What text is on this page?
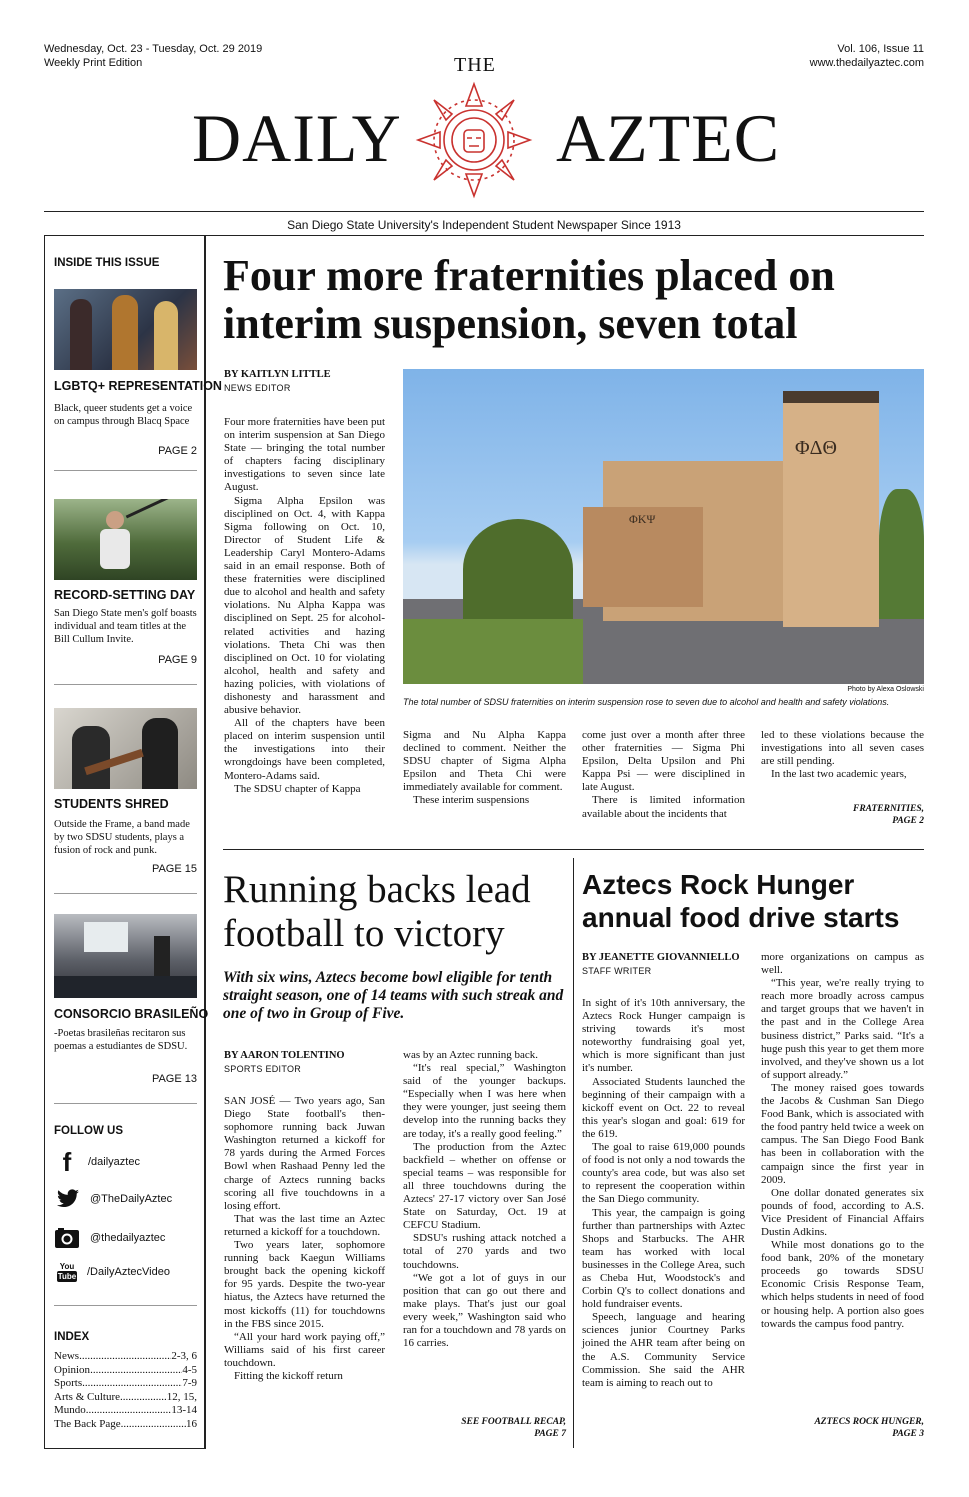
Wednesday, Oct. 23 - Tuesday, Oct. 29 2019
Weekly Print Edition
Vol. 106, Issue 11
www.thedailyaztec.com
THE
DAILY AZTEC
San Diego State University's Independent Student Newspaper Since 1913
INSIDE THIS ISSUE
LGBTQ+ REPRESENTATION
Black, queer students get a voice on campus through Blacq Space
PAGE 2
RECORD-SETTING DAY
San Diego State men's golf boasts individual and team titles at the Bill Cullum Invite.
PAGE 9
STUDENTS SHRED
Outside the Frame, a band made by two SDSU students, plays a fusion of rock and punk.
PAGE 15
CONSORCIO BRASILEÑO
-Poetas brasileñas recitaron sus poemas a estudiantes de SDSU.
PAGE 13
FOLLOW US
f	/dailyaztec
@TheDailyAztec
@thedailyaztec
You
Tube /DailyAztecVideo
INDEX
News .....	2-3, 6
Opinion .....	4-5
Sports .....	7-9
Arts & Culture .....	12, 15,
Mundo .....	13-14
The Back Page .....	16
Four more fraternities placed on
interim suspension, seven total
BY KAITLYN LITTLE
NEWS EDITOR
ΦΔΘ
ΦΚΨ
Photo by Alexa Oslowski
The total number of SDSU fraternities on interim suspension rose to seven due to alcohol and health and safety violations.

Four more fraternities have been put on interim suspension at San Diego State — bringing the total number of chapters facing disciplinary investigations to seven since late August.

Sigma Alpha Epsilon was disciplined on Oct. 4, with Kappa Sigma following on Oct. 10, Director of Student Life & Leadership Caryl Montero-Adams said in an email response. Both of these fraternities were disciplined due to alcohol and health and safety violations. Nu Alpha Kappa was disciplined on Sept. 25 for alcohol-related activities and hazing violations. Theta Chi was then disciplined on Oct. 10 for violating alcohol, health and safety and hazing policies, with violations of dishonesty and harassment and abusive behavior.

All of the chapters have been placed on interim suspension until the investigations into their wrongdoings have been completed, Montero-Adams said.

The SDSU chapter of Kappa

Sigma and Nu Alpha Kappa declined to comment. Neither the SDSU chapter of Sigma Alpha Epsilon and Theta Chi were immediately available for comment.

These interim suspensions

come just over a month after three other fraternities — Sigma Phi Epsilon, Delta Upsilon and Phi Kappa Psi — were disciplined in late August.

There is limited information available about the incidents that

led to these violations because the investigations into all seven cases are still pending.

In the last two academic years,

FRATERNITIES,
PAGE 2
Running backs lead
football to victory
With six wins, Aztecs become bowl eligible for tenth straight season, one of 14 teams with such streak and one of two in Group of Five.
BY AARON TOLENTINO
SPORTS EDITOR

SAN JOSÉ — Two years ago, San Diego State football's then-sophomore running back Juwan Washington returned a kickoff for 78 yards during the Armed Forces Bowl when Rashaad Penny led the charge of Aztecs running backs scoring all five touchdowns in a losing effort.

That was the last time an Aztec returned a kickoff for a touchdown.

Two years later, sophomore running back Kaegun Williams brought back the opening kickoff for 95 yards. Despite the two-year hiatus, the Aztecs have returned the most kickoffs (11) for touchdowns in the FBS since 2015.

“All your hard work paying off,” Williams said of his first career touchdown.

Fitting the kickoff return

was by an Aztec running back.

“It's real special,” Washington said of the younger backups. “Especially when I was here when they were younger, just seeing them develop into the running backs they are today, it's a really good feeling.”

The production from the Aztec backfield – whether on offense or special teams – was responsible for all three touchdowns during the Aztecs' 27-17 victory over San José State on Saturday, Oct. 19 at CEFCU Stadium.

SDSU's rushing attack notched a total of 270 yards and two touchdowns.

“We got a lot of guys in our position that can go out there and make plays. That's just our goal every week,” Washington said who ran for a touchdown and 78 yards on 16 carries.

SEE FOOTBALL RECAP,
PAGE 7
Aztecs Rock Hunger
annual food drive starts
BY JEANETTE GIOVANNIELLO
STAFF WRITER

In sight of it's 10th anniversary, the Aztecs Rock Hunger campaign is striving towards it's most noteworthy fundraising goal yet, which is more significant than just it's number.

Associated Students launched the beginning of their campaign with a kickoff event on Oct. 22 to reveal this year's slogan and goal: 619 for the 619.

The goal to raise 619,000 pounds of food is not only a nod towards the county's area code, but was also set to represent the cooperation within the San Diego community.

This year, the campaign is going further than partnerships with Aztec Shops and Starbucks. The AHR team has worked with local businesses in the College Area, such as Cheba Hut, Woodstock's and Corbin Q's to collect donations and hold fundraiser events.

Speech, language and hearing sciences junior Courtney Parks joined the AHR team after being on the A.S. Community Service Commission. She said the AHR team is aiming to reach out to

more organizations on campus as well.

“This year, we're really trying to reach more broadly across campus and target groups that we haven't in the past and in the College Area business district,” Parks said. “It's a huge push this year to get them more involved, and they've shown us a lot of support already.”

The money raised goes towards the Jacobs & Cushman San Diego Food Bank, which is associated with the food pantry held twice a week on campus. The San Diego Food Bank has been in collaboration with the campaign since the first year in 2009.

One dollar donated generates six pounds of food, according to A.S. Vice President of Financial Affairs Dustin Adkins.

While most donations go to the food bank, 20% of the monetary proceeds go towards SDSU Economic Crisis Response Team, which helps students in need of food or housing help. A portion also goes towards the campus food pantry.

AZTECS ROCK HUNGER,
PAGE 3
